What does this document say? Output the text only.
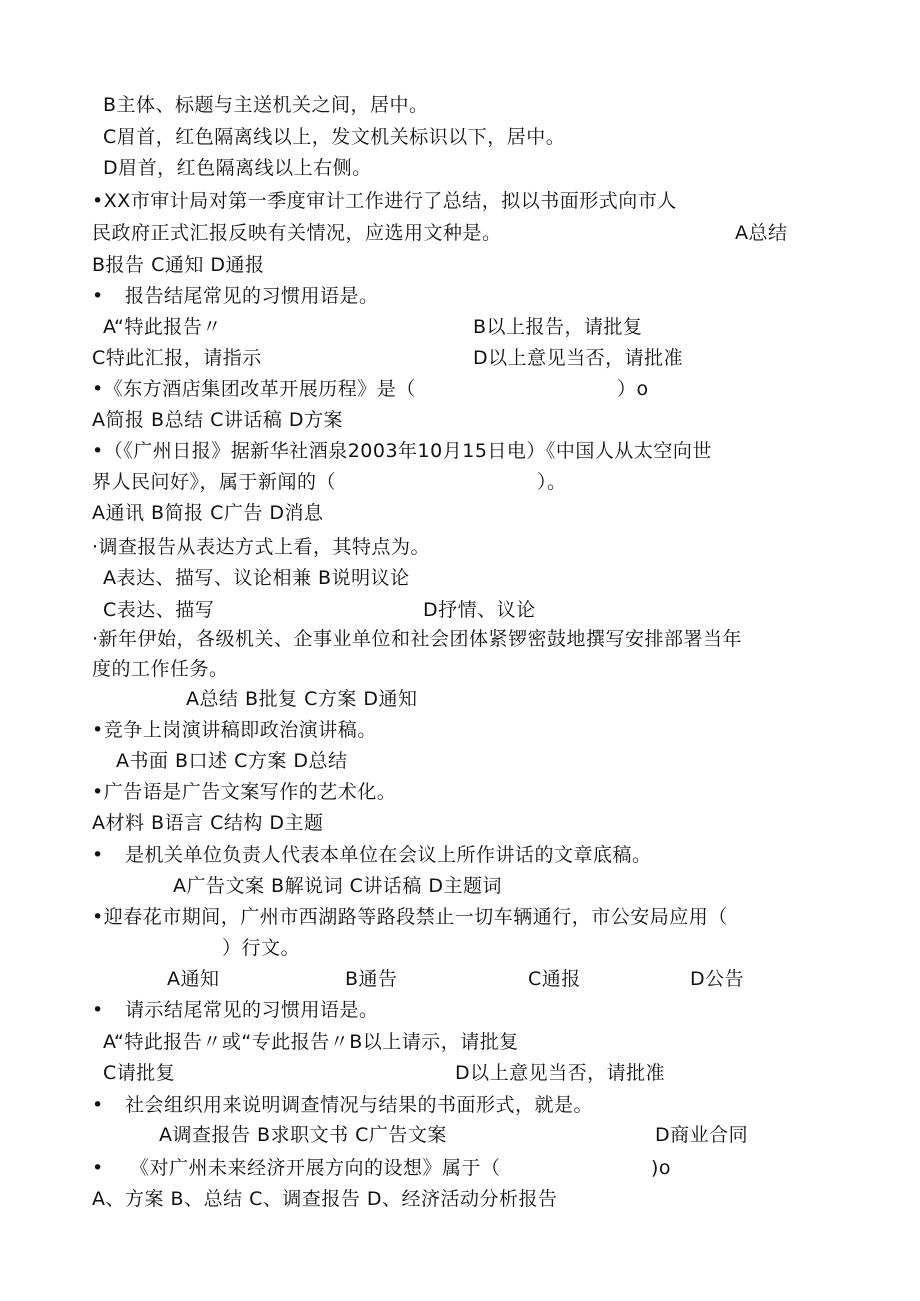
B主体、标题与主送机关之间，居中。
C眉首，红色隔离线以上，发文机关标识以下，居中。
D眉首，红色隔离线以上右侧。
•XX市审计局对第一季度审计工作进行了总结，拟以书面形式向市人
民政府正式汇报反映有关情况，应选用文种是。	A总结
B报告 C通知 D通报
• 报告结尾常见的习惯用语是。
A“特此报告〃	B以上报告，请批复
C特此汇报，请指示	D以上意见当否，请批准
•《东方酒店集团改革开展历程》是（	）o
A简报 B总结 C讲话稿 D方案
•（《广州日报》据新华社酒泉2003年10月15日电）《中国人从太空向世
界人民问好》，属于新闻的（	）。
A通讯 B简报 C广告 D消息
·调查报告从表达方式上看，其特点为。
A表达、描写、议论相兼 B说明议论
C表达、描写	D抒情、议论
·新年伊始，各级机关、企事业单位和社会团体紧锣密鼓地撰写安排部署当年
度的工作任务。
A总结 B批复 C方案 D通知
•竞争上岗演讲稿即政治演讲稿。
A书面 B口述 C方案 D总结
•广告语是广告文案写作的艺术化。
A材料 B语言 C结构 D主题
• 是机关单位负责人代表本单位在会议上所作讲话的文章底稿。
A广告文案 B解说词 C讲话稿 D主题词
•迎春花市期间，广州市西湖路等路段禁止一切车辆通行，市公安局应用（
）行文。
A通知	B通告	C通报	D公告
• 请示结尾常见的习惯用语是。
A“特此报告〃或“专此报告〃B以上请示，请批复
C请批复	D以上意见当否，请批准
• 社会组织用来说明调查情况与结果的书面形式，就是。
A调查报告 B求职文书 C广告文案	D商业合同
• 《对广州未来经济开展方向的设想》属于（	)o
A、方案 B、总结 C、调查报告 D、经济活动分析报告
